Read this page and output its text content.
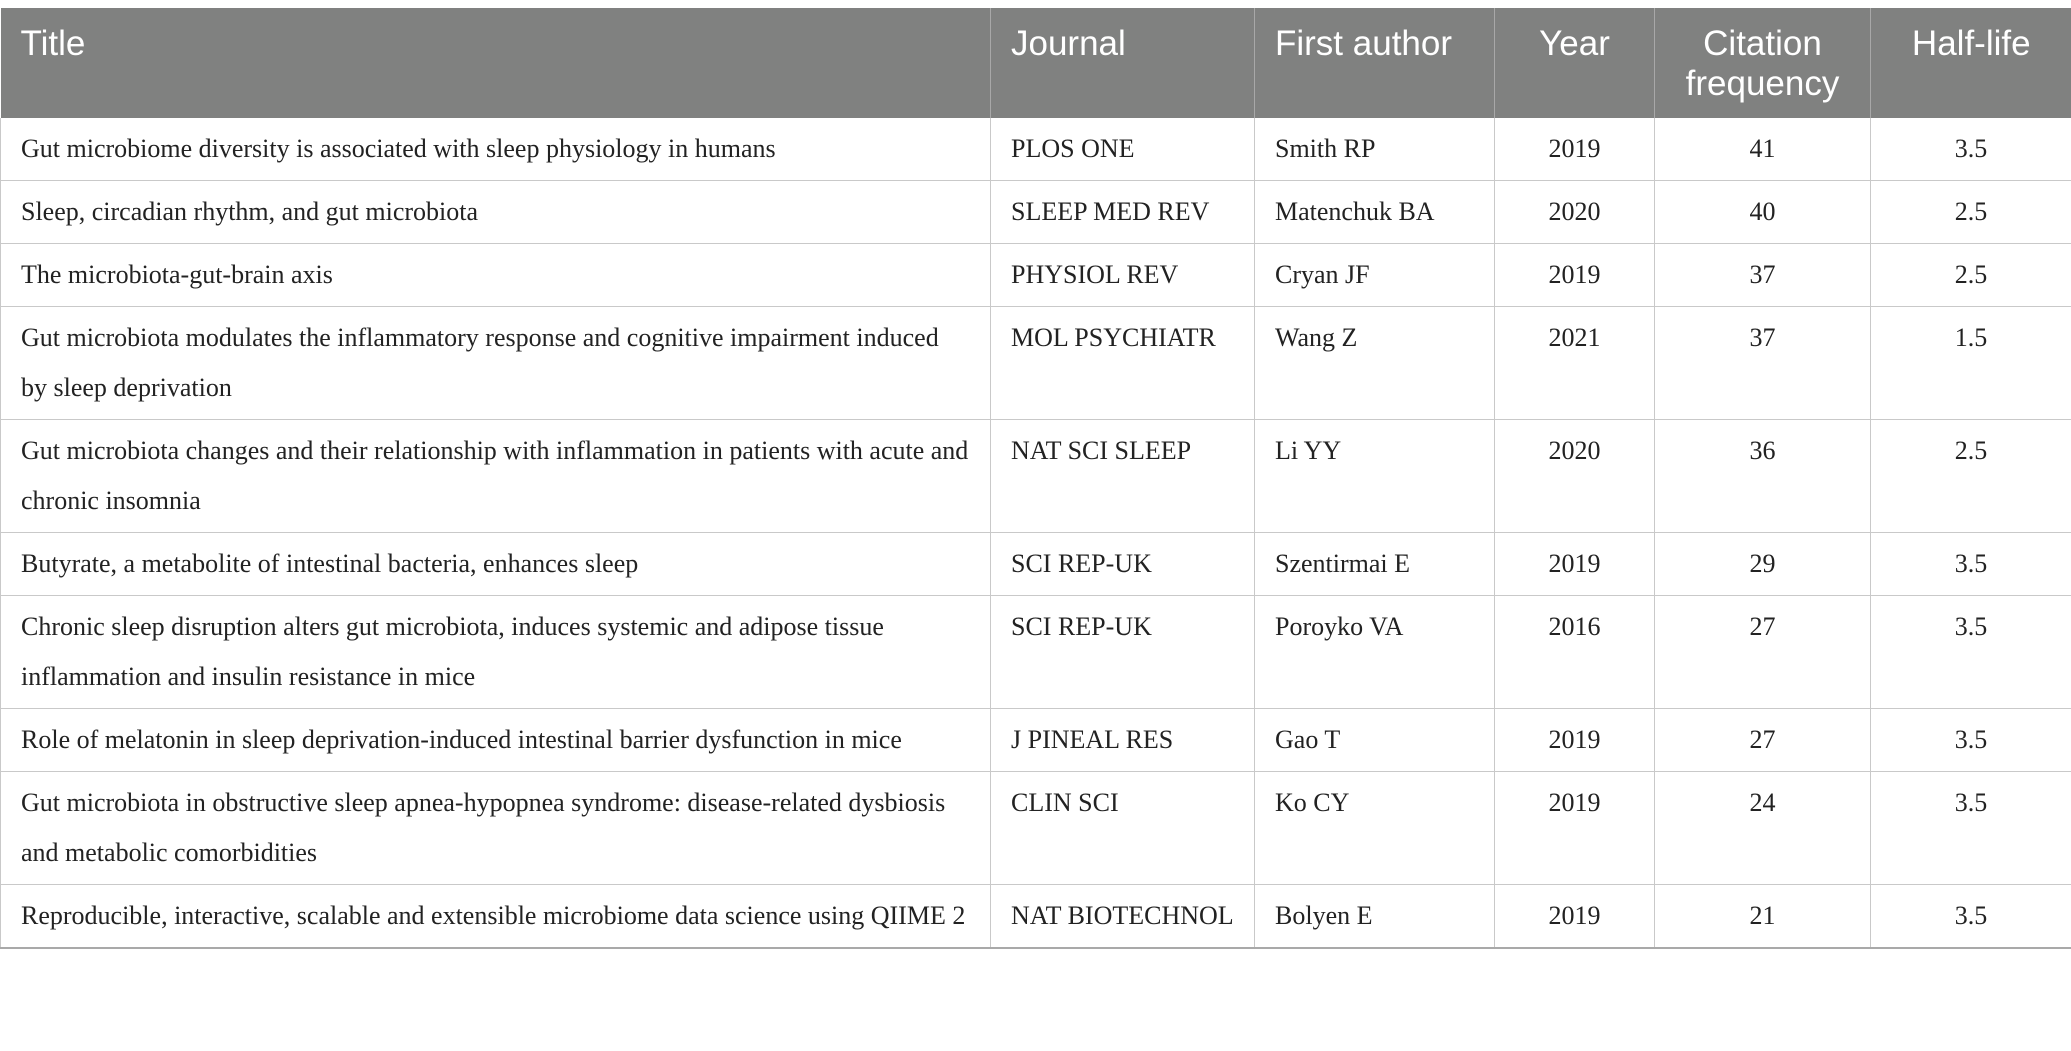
Title	Journal	First author	Year	Citation frequency	Half-life
Gut microbiome diversity is associated with sleep physiology in humans	PLOS ONE	Smith RP	2019	41	3.5
Sleep, circadian rhythm, and gut microbiota	SLEEP MED REV	Matenchuk BA	2020	40	2.5
The microbiota-gut-brain axis	PHYSIOL REV	Cryan JF	2019	37	2.5
Gut microbiota modulates the inflammatory response and cognitive impairment induced by sleep deprivation	MOL PSYCHIATR	Wang Z	2021	37	1.5
Gut microbiota changes and their relationship with inflammation in patients with acute and chronic insomnia	NAT SCI SLEEP	Li YY	2020	36	2.5
Butyrate, a metabolite of intestinal bacteria, enhances sleep	SCI REP-UK	Szentirmai E	2019	29	3.5
Chronic sleep disruption alters gut microbiota, induces systemic and adipose tissue inflammation and insulin resistance in mice	SCI REP-UK	Poroyko VA	2016	27	3.5
Role of melatonin in sleep deprivation-induced intestinal barrier dysfunction in mice	J PINEAL RES	Gao T	2019	27	3.5
Gut microbiota in obstructive sleep apnea-hypopnea syndrome: disease-related dysbiosis and metabolic comorbidities	CLIN SCI	Ko CY	2019	24	3.5
Reproducible, interactive, scalable and extensible microbiome data science using QIIME 2	NAT BIOTECHNOL	Bolyen E	2019	21	3.5
